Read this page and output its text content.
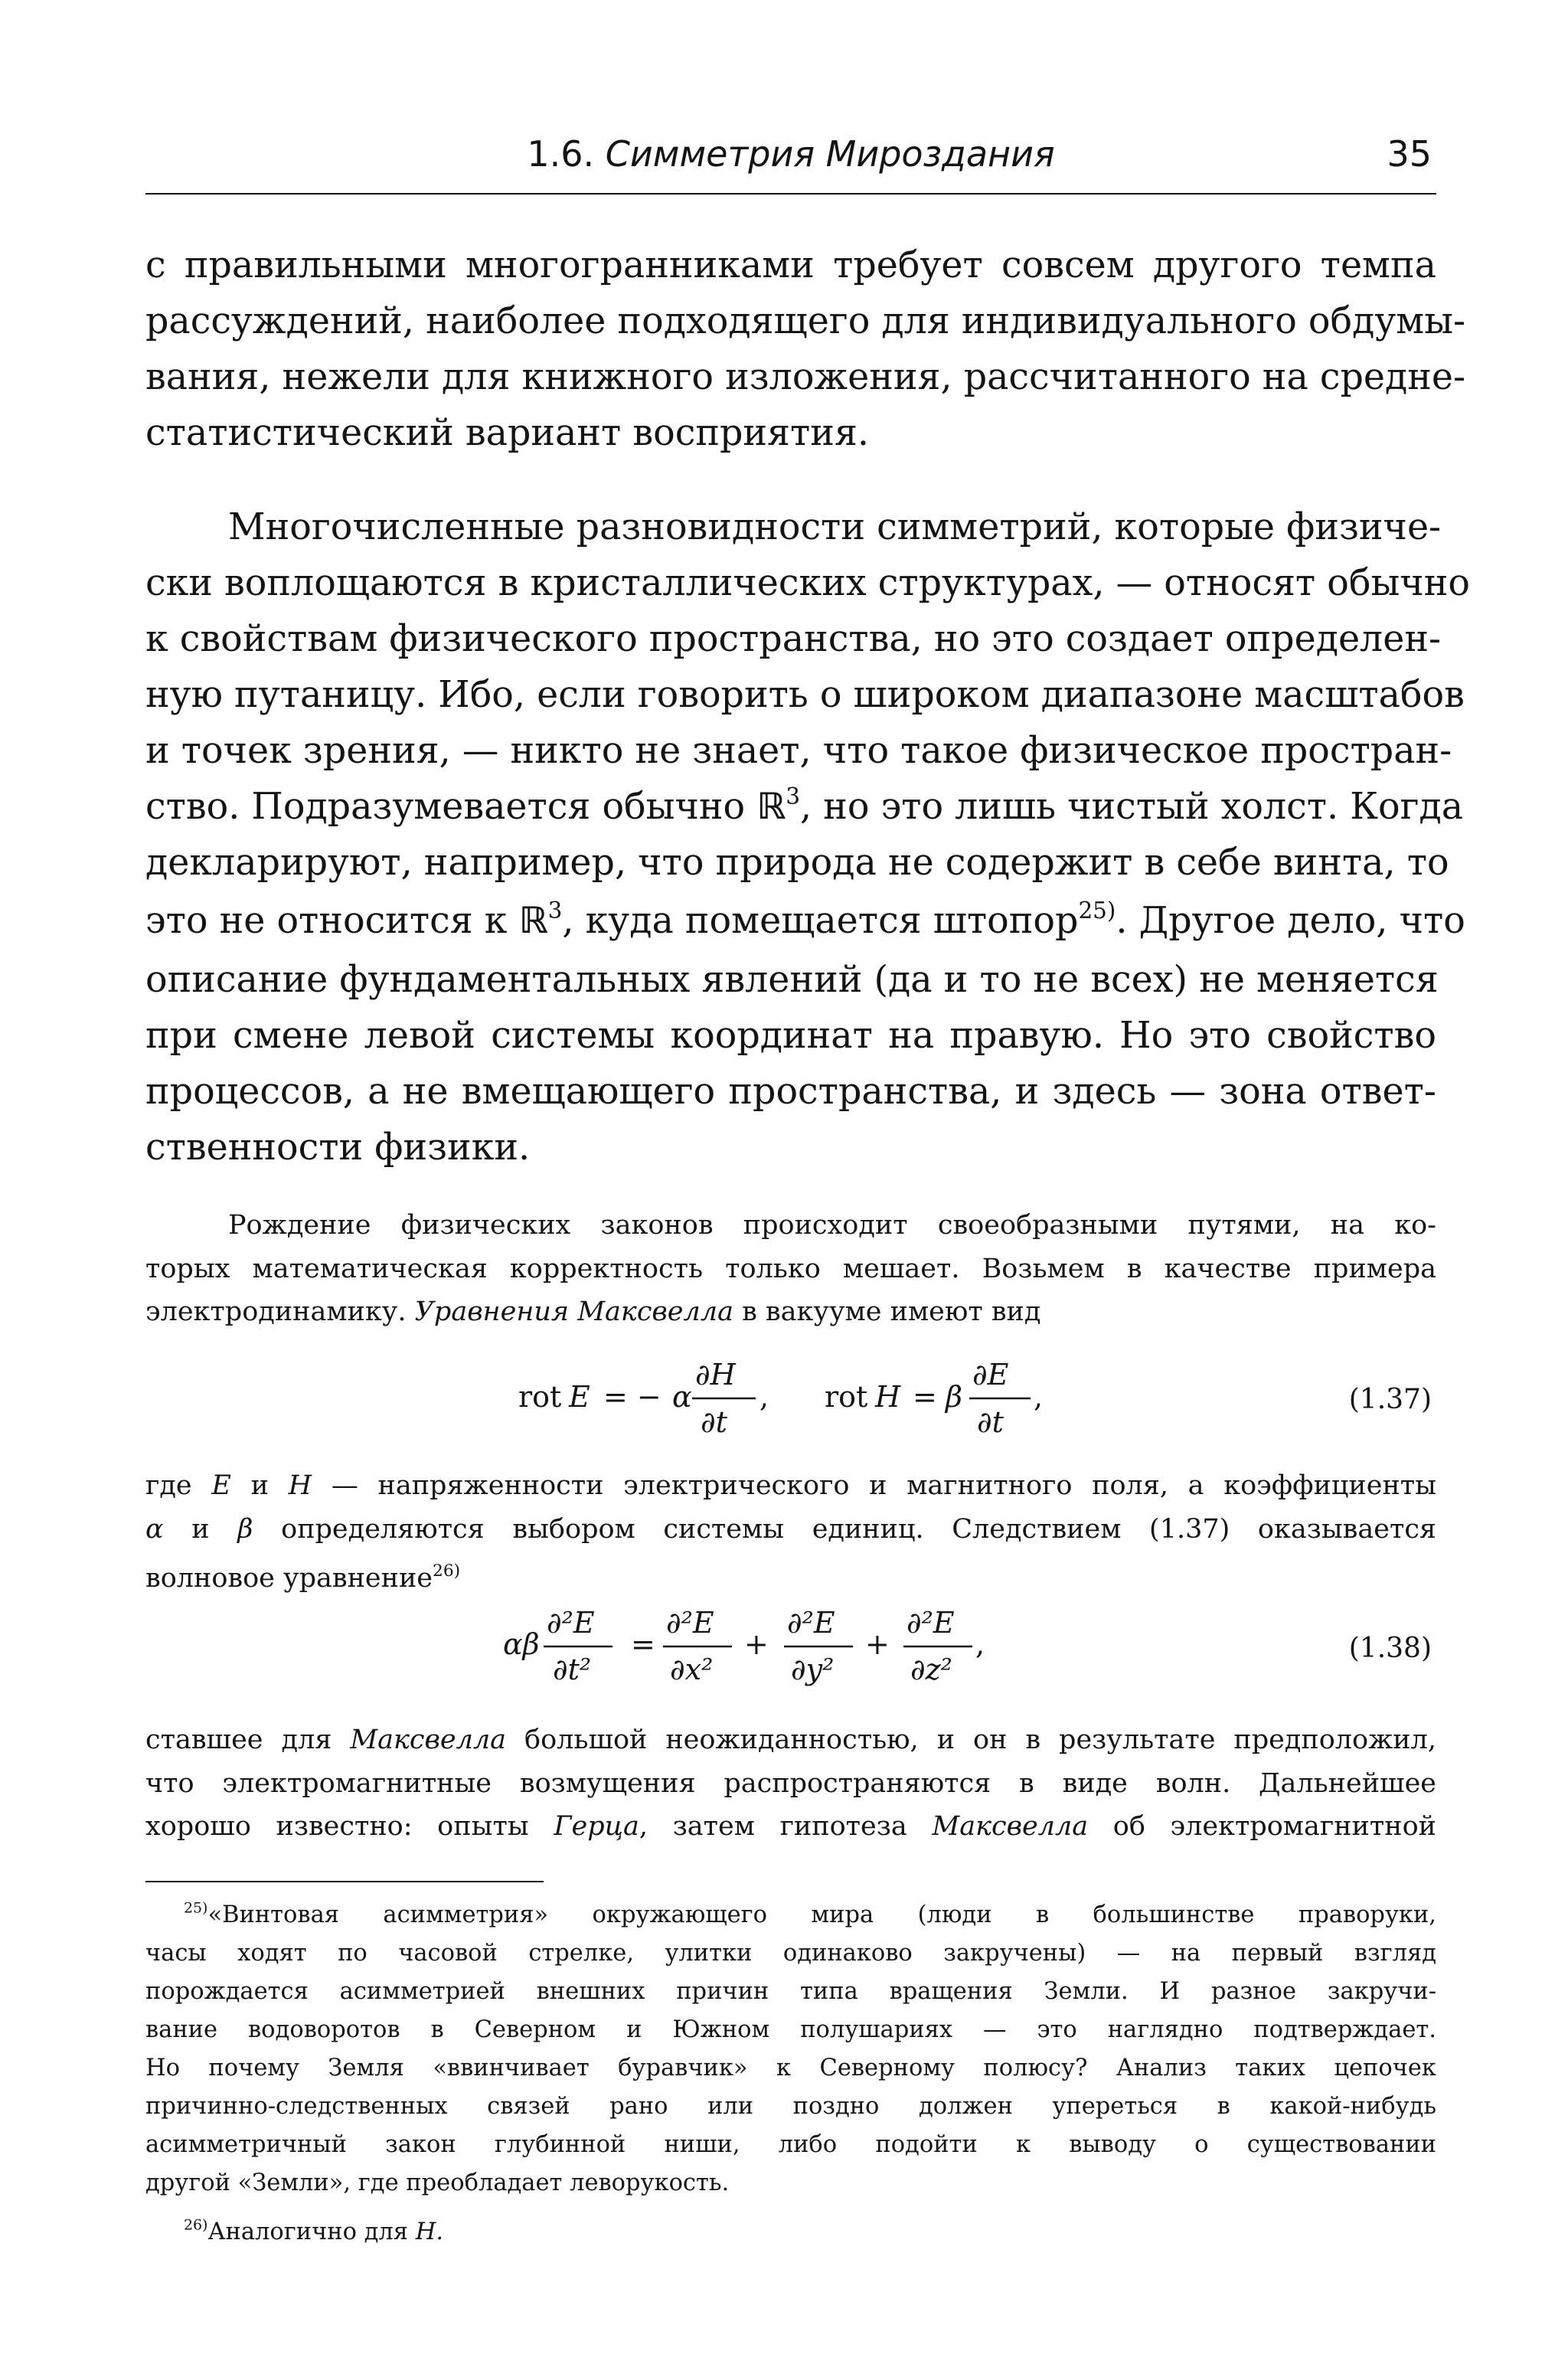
1.6. Симметрия Мироздания	35
с правильными многогранниками требует совсем другого темпа
рассуждений, наиболее подходящего для индивидуального обдумы-
вания, нежели для книжного изложения, рассчитанного на средне-
статистический вариант восприятия.
Многочисленные разновидности симметрий, которые физиче-
ски воплощаются в кристаллических структурах, — относят обычно
к свойствам физического пространства, но это создает определен-
ную путаницу. Ибо, если говорить о широком диапазоне масштабов
и точек зрения, — никто не знает, что такое физическое простран-
ство. Подразумевается обычно ℝ$^3$, но это лишь чистый холст. Когда
декларируют, например, что природа не содержит в себе винта, то
это не относится к ℝ$^3$, куда помещается штопор$^{25)}$. Другое дело, что
описание фундаментальных явлений (да и то не всех) не меняется
при смене левой системы координат на правую. Но это свойство
процессов, а не вмещающего пространства, и здесь — зона ответ-
ственности физики.
Рождение физических законов происходит своеобразными путями, на ко-
торых математическая корректность только мешает. Возьмем в качестве примера
электродинамику. Уравнения Максвелла в вакууме имеют вид
rot E = − α
∂H
∂t
, rot H = β
∂E
∂t
,	(1.37)
где E и H — напряженности электрического и магнитного поля, а коэффициенты
α и β определяются выбором системы единиц. Следствием (1.37) оказывается
волновое уравнение$^{26)}$
αβ
∂²E
∂t²
=
∂²E
∂x²
+
∂²E
∂y²
+
∂²E
∂z²
,	(1.38)
ставшее для Максвелла большой неожиданностью, и он в результате предположил,
что электромагнитные возмущения распространяются в виде волн. Дальнейшее
хорошо известно: опыты Герца, затем гипотеза Максвелла об электромагнитной
$^{25)}$«Винтовая асимметрия» окружающего мира (люди в большинстве праворуки,
часы ходят по часовой стрелке, улитки одинаково закручены) — на первый взгляд
порождается асимметрией внешних причин типа вращения Земли. И разное закручи-
вание водоворотов в Северном и Южном полушариях — это наглядно подтверждает.
Но почему Земля «ввинчивает буравчик» к Северному полюсу? Анализ таких цепочек
причинно-следственных связей рано или поздно должен упереться в какой-нибудь
асимметричный закон глубинной ниши, либо подойти к выводу о существовании
другой «Земли», где преобладает леворукость.
$^{26)}$Аналогично для H.
